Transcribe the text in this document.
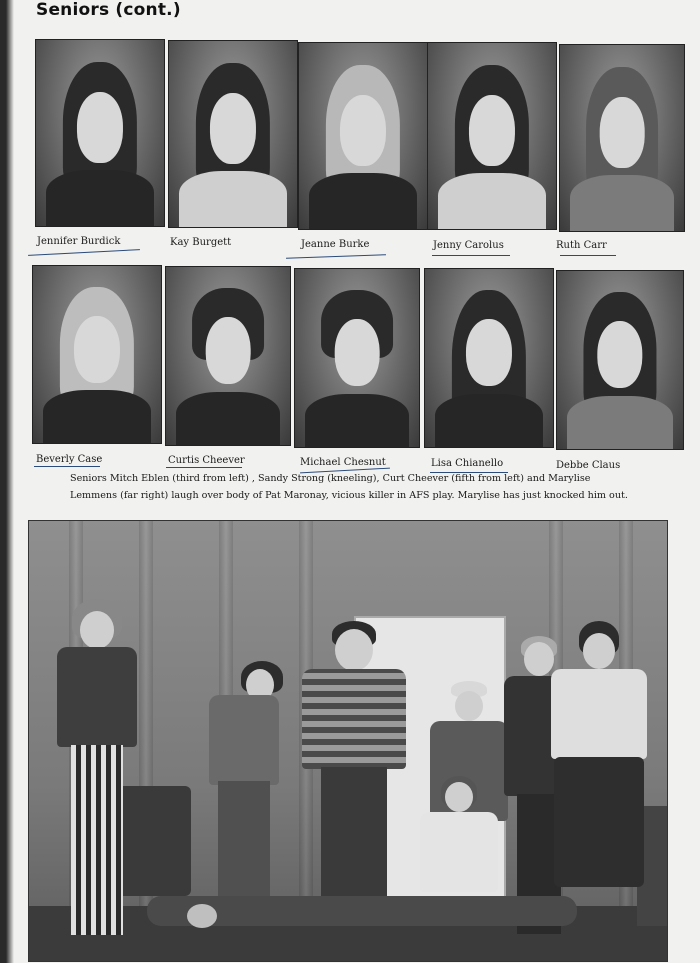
Seniors (cont.)
Jennifer Burdick	Kay Burgett	Jeanne Burke	Jenny Carolus	Ruth Carr
Beverly Case	Curtis Cheever	Michael Chesnut	Lisa Chianello	Debbe Claus
Seniors Mitch Eblen (third from left) , Sandy Strong (kneeling), Curt Cheever (fifth from left) and Marylise Lemmens (far right) laugh over body of Pat Maronay, vicious killer in AFS play. Marylise has just knocked him out.
